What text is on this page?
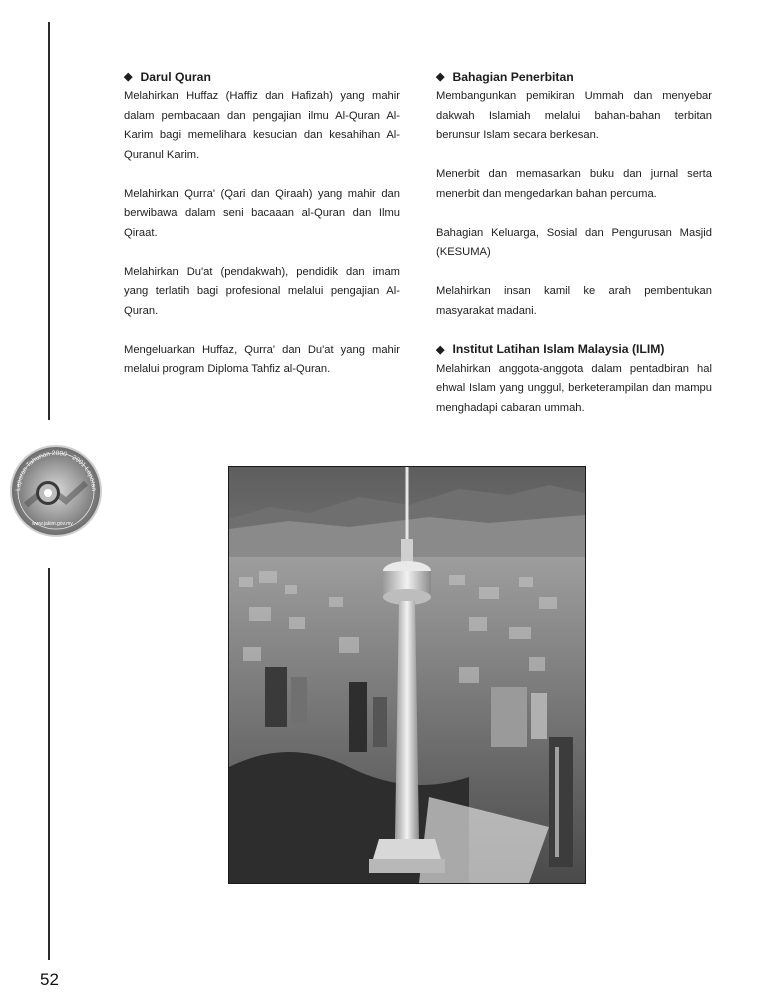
Laporan Tahunan 2000 · 2001 Laporan
www.jakim.gov.my
◆ Darul Quran

Melahirkan Huffaz (Haffiz dan Hafizah) yang mahir dalam pembacaan dan pengajian ilmu Al-Quran Al-Karim bagi memelihara kesucian dan kesahihan Al-Quranul Karim.

Melahirkan Qurra' (Qari dan Qiraah) yang mahir dan berwibawa dalam seni bacaaan al-Quran dan Ilmu Qiraat.

Melahirkan Du'at (pendakwah), pendidik dan imam yang terlatih bagi profesional melalui pengajian Al-Quran.

Mengeluarkan Huffaz, Qurra' dan Du'at yang mahir melalui program Diploma Tahfiz al-Quran.

◆ Bahagian Penerbitan

Membangunkan pemikiran Ummah dan menyebar dakwah Islamiah melalui bahan-bahan terbitan berunsur Islam secara berkesan.

Menerbit dan memasarkan buku dan jurnal serta menerbit dan mengedarkan bahan percuma.

Bahagian Keluarga, Sosial dan Pengurusan Masjid (KESUMA)

Melahirkan insan kamil ke arah pembentukan masyarakat madani.

◆ Institut Latihan Islam Malaysia (ILIM)

Melahirkan anggota-anggota dalam pentadbiran hal ehwal Islam yang unggul, berketerampilan dan mampu menghadapi cabaran ummah.

52
